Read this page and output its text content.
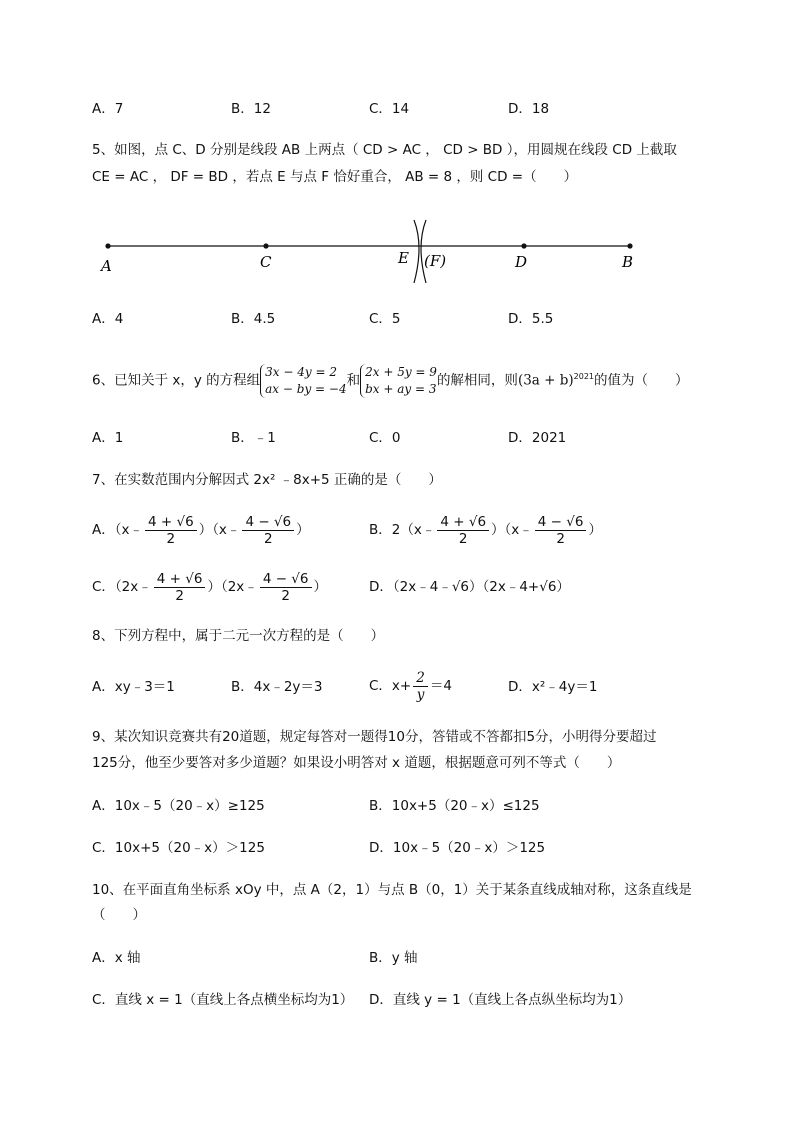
A．7	B．12	C．14	D．18
5、如图，点 C、D 分别是线段 AB 上两点（ CD > AC ， CD > BD ），用圆规在线段 CD 上截取
CE = AC ， DF = BD ，若点 E 与点 F 恰好重合， AB = 8 ，则 CD =（　　）
A	C	E (F)	D	B
A．4	B．4.5	C．5	D．5.5
6、已知关于 x，y 的方程组
3x − 4y = 2
ax − by = −4 和
2x + 5y = 9
bx + ay = 3 的解相同，则$(3a + b)^{2021}$的值为（　　）
A．1	B．﹣1	C．0	D．2021
7、在实数范围内分解因式 2x² ﹣8x+5 正确的是（　　）
A．（x﹣ $\frac{4 + √6}{2}$ ）（x﹣ $\frac{4 - √6}{2}$ ）	B．2（x﹣ $\frac{4 + √6}{2}$ ）（x﹣ $\frac{4 - √6}{2}$ ）
C．（2x﹣ $\frac{4 + √6}{2}$ ）（2x﹣ $\frac{4 - √6}{2}$ ）	D．（2x﹣4﹣√6）（2x﹣4+√6）
8、下列方程中，属于二元一次方程的是（　　）
A．xy﹣3＝1	B．4x﹣2y＝3	C．$x+ \frac{2}{y} =4$	D．x²﹣4y＝1
9、某次知识竞赛共有20道题，规定每答对一题得10分，答错或不答都扣5分，小明得分要超过
125分，他至少要答对多少道题？如果设小明答对 x 道题，根据题意可列不等式（　　）
A．10x﹣5（20﹣x）≥125	B．10x+5（20﹣x）≤125
C．10x+5（20﹣x）＞125	D．10x﹣5（20﹣x）＞125
10、在平面直角坐标系 xOy 中，点 A（2，1）与点 B（0，1）关于某条直线成轴对称，这条直线是
（　　）
A．x 轴	B．y 轴
C．直线 x = 1（直线上各点横坐标均为1） D．直线 y = 1（直线上各点纵坐标均为1）
